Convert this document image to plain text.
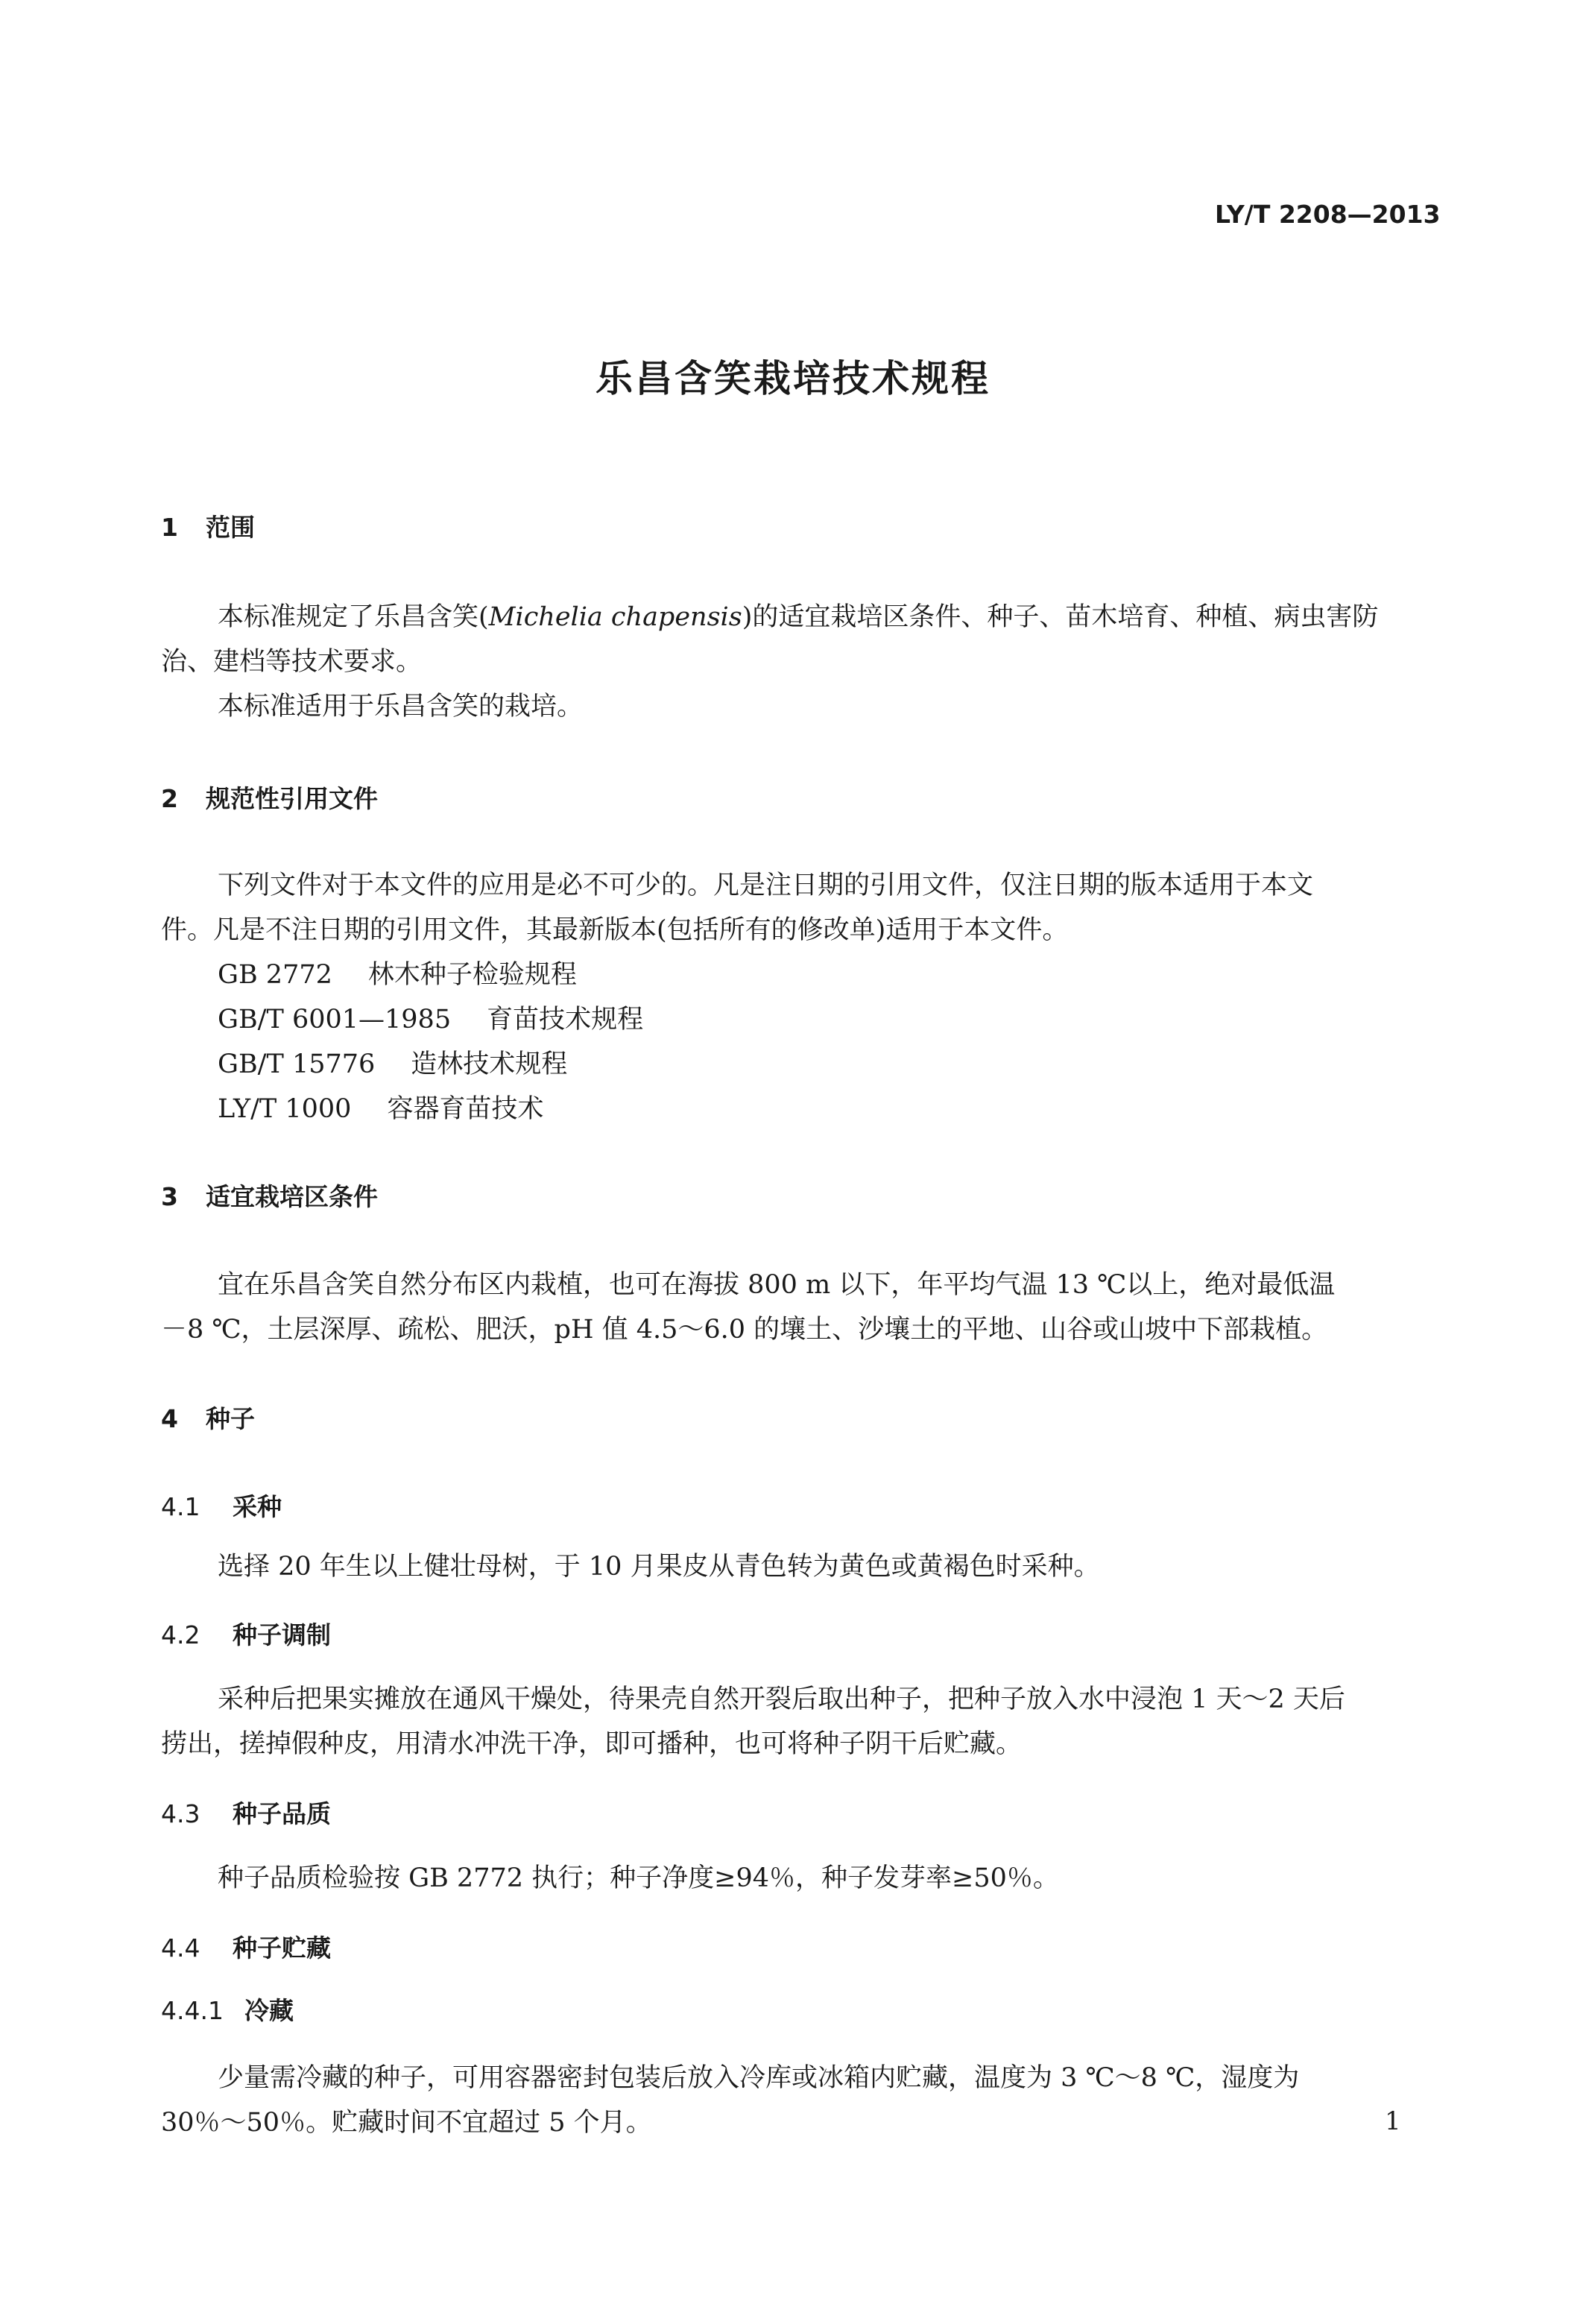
LY/T 2208—2013
乐昌含笑栽培技术规程
1 范围
本标准规定了乐昌含笑(Michelia chapensis)的适宜栽培区条件、种子、苗木培育、种植、病虫害防
治、建档等技术要求。
本标准适用于乐昌含笑的栽培。
2 规范性引用文件
下列文件对于本文件的应用是必不可少的。凡是注日期的引用文件，仅注日期的版本适用于本文
件。凡是不注日期的引用文件，其最新版本(包括所有的修改单)适用于本文件。
GB 2772 林木种子检验规程
GB/T 6001—1985 育苗技术规程
GB/T 15776 造林技术规程
LY/T 1000 容器育苗技术
3 适宜栽培区条件
宜在乐昌含笑自然分布区内栽植，也可在海拔 800 m 以下，年平均气温 13 ℃以上，绝对最低温
－8 ℃，土层深厚、疏松、肥沃，pH 值 4.5～6.0 的壤土、沙壤土的平地、山谷或山坡中下部栽植。
4 种子
4.1 采种
选择 20 年生以上健壮母树，于 10 月果皮从青色转为黄色或黄褐色时采种。
4.2 种子调制
采种后把果实摊放在通风干燥处，待果壳自然开裂后取出种子，把种子放入水中浸泡 1 天～2 天后
捞出，搓掉假种皮，用清水冲洗干净，即可播种，也可将种子阴干后贮藏。
4.3 种子品质
种子品质检验按 GB 2772 执行；种子净度≥94％，种子发芽率≥50％。
4.4 种子贮藏
4.4.1 冷藏
少量需冷藏的种子，可用容器密封包装后放入冷库或冰箱内贮藏，温度为 3 ℃～8 ℃，湿度为
30％～50％。贮藏时间不宜超过 5 个月。	1
